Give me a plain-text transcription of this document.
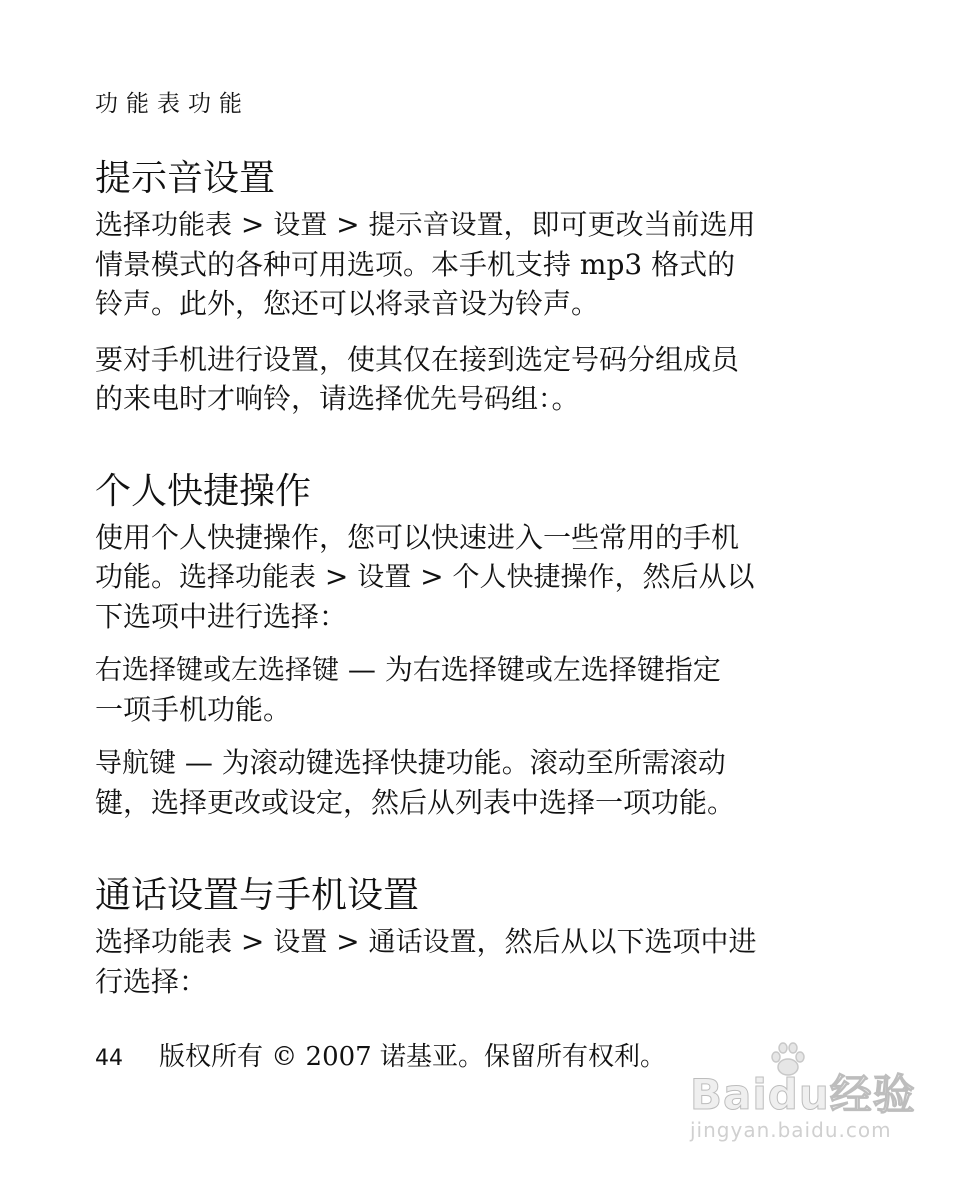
功能表功能
提示音设置
选择功能表 > 设置 > 提示音设置，即可更改当前选用
情景模式的各种可用选项。本手机支持 mp3 格式的
铃声。此外，您还可以将录音设为铃声。
要对手机进行设置，使其仅在接到选定号码分组成员
的来电时才响铃，请选择优先号码组：。
个人快捷操作
使用个人快捷操作，您可以快速进入一些常用的手机
功能。选择功能表 > 设置 > 个人快捷操作，然后从以
下选项中进行选择：
右选择键或左选择键 — 为右选择键或左选择键指定
一项手机功能。
导航键 — 为滚动键选择快捷功能。滚动至所需滚动
键，选择更改或设定，然后从列表中选择一项功能。
通话设置与手机设置
选择功能表 > 设置 > 通话设置，然后从以下选项中进
行选择：
44 版权所有 © 2007 诺基亚。保留所有权利。
Baidu经验
jingyan.baidu.com
